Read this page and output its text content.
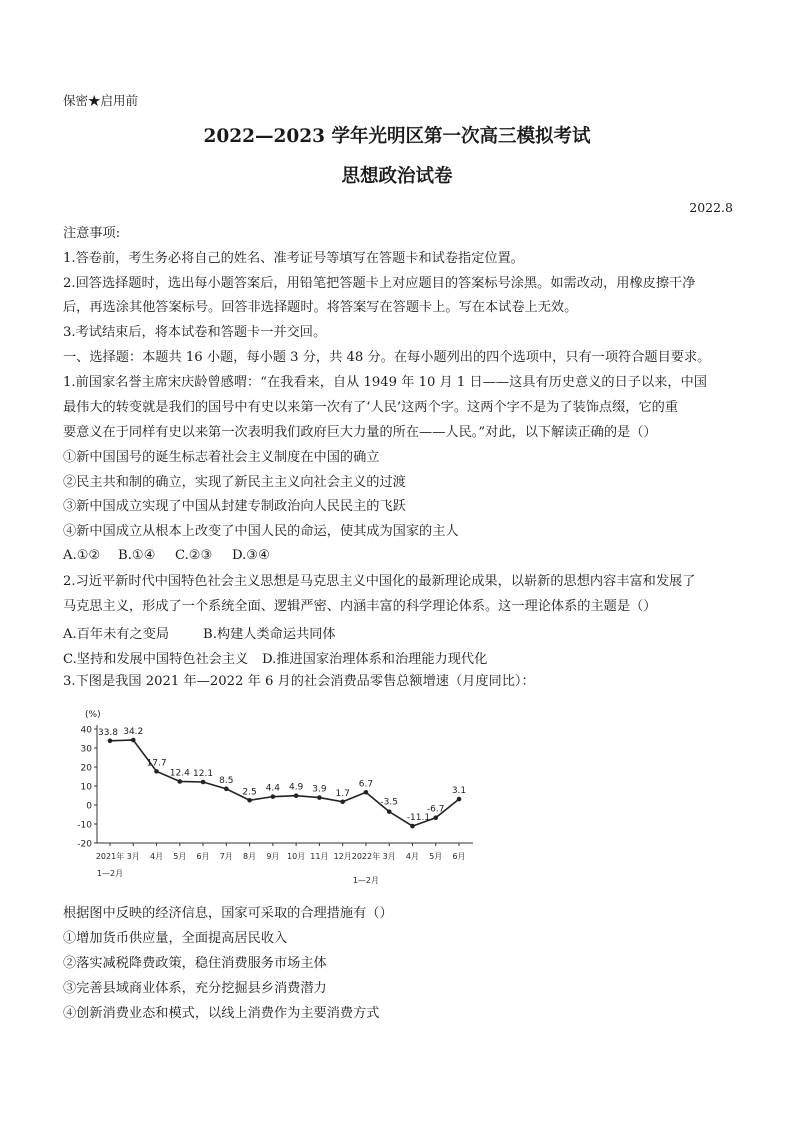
保密★启用前
2022—2023 学年光明区第一次高三模拟考试
思想政治试卷
2022.8
注意事项:
1.答卷前，考生务必将自己的姓名、准考证号等填写在答题卡和试卷指定位置。
2.回答选择题时，选出每小题答案后，用铅笔把答题卡上对应题目的答案标号涂黑。如需改动，用橡皮擦干净
后，再选涂其他答案标号。回答非选择题时。将答案写在答题卡上。写在本试卷上无效。
3.考试结束后，将本试卷和答题卡一并交回。
一、选择题：本题共 16 小题，每小题 3 分，共 48 分。在每小题列出的四个选项中，只有一项符合题目要求。
1.前国家名誉主席宋庆龄曾感喟：“在我看来，自从 1949 年 10 月 1 日——这具有历史意义的日子以来，中国
最伟大的转变就是我们的国号中有史以来第一次有了‘人民’这两个字。这两个字不是为了装饰点缀，它的重
要意义在于同样有史以来第一次表明我们政府巨大力量的所在——人民。”对此，以下解读正确的是（）
①新中国国号的诞生标志着社会主义制度在中国的确立
②民主共和制的确立，实现了新民主主义向社会主义的过渡
③新中国成立实现了中国从封建专制政治向人民民主的飞跃
④新中国成立从根本上改变了中国人民的命运，使其成为国家的主人
A.①② B.①④ C.②③ D.③④
2.习近平新时代中国特色社会主义思想是马克思主义中国化的最新理论成果，以崭新的思想内容丰富和发展了
马克思主义，形成了一个系统全面、逻辑严密、内涵丰富的科学理论体系。这一理论体系的主题是（）
A.百年未有之变局	B.构建人类命运共同体
C.坚持和发展中国特色社会主义 D.推进国家治理体系和治理能力现代化
3.下图是我国 2021 年—2022 年 6 月的社会消费品零售总额增速（月度同比）：
(%)
40
30
20
10
0
-10
-20
2021年 3月 4月 5月 6月 7月 8月 9月 10月 11月 12月 2022年 3月 4月 5月 6月
1—2月
1—2月
33.8 34.2
17.7
12.4 12.1
8.5
2.5 4.4 4.9 3.9 1.7
6.7
-3.5
-11.1
-6.7
3.1
根据图中反映的经济信息，国家可采取的合理措施有（）
①增加货币供应量，全面提高居民收入
②落实减税降费政策，稳住消费服务市场主体
③完善县域商业体系，充分挖掘县乡消费潜力
④创新消费业态和模式，以线上消费作为主要消费方式
